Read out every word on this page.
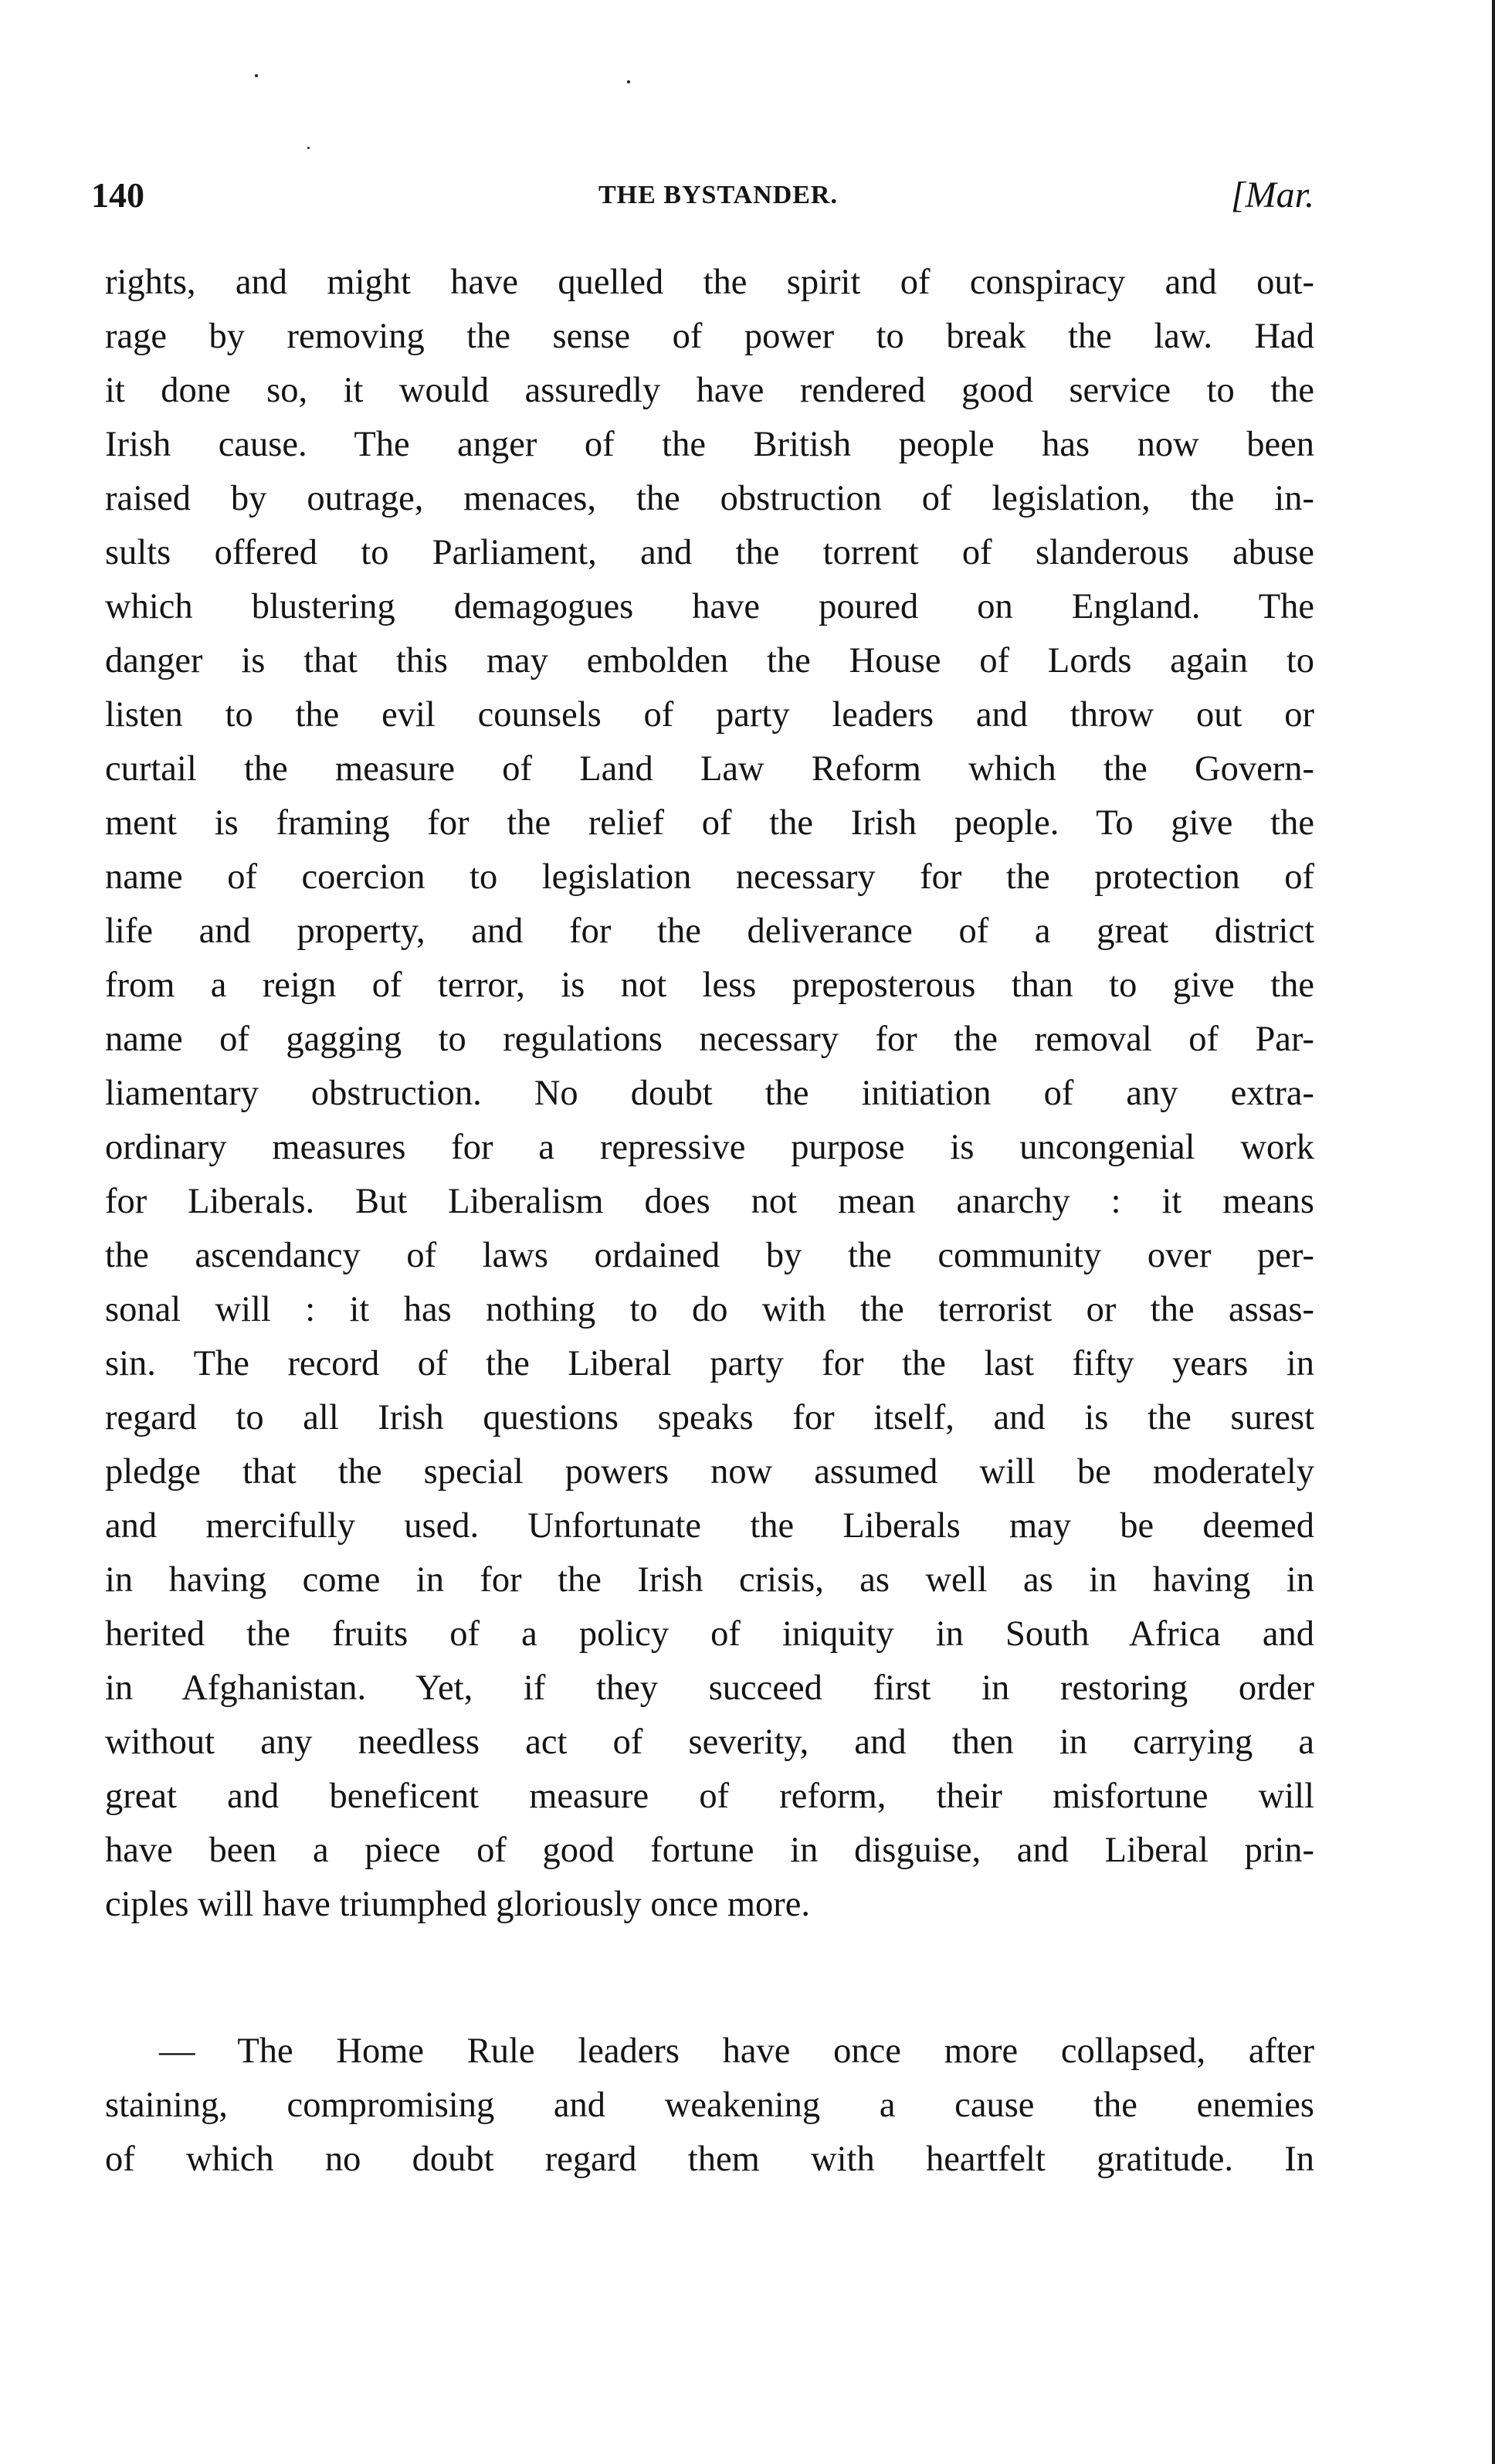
140	THE BYSTANDER.	[Mar.
rights, and might have quelled the spirit of conspiracy and out-
rage by removing the sense of power to break the law. Had
it done so, it would assuredly have rendered good service to the
Irish cause. The anger of the British people has now been
raised by outrage, menaces, the obstruction of legislation, the in-
sults offered to Parliament, and the torrent of slanderous abuse
which blustering demagogues have poured on England. The
danger is that this may embolden the House of Lords again to
listen to the evil counsels of party leaders and throw out or
curtail the measure of Land Law Reform which the Govern-
ment is framing for the relief of the Irish people. To give the
name of coercion to legislation necessary for the protection of
life and property, and for the deliverance of a great district
from a reign of terror, is not less preposterous than to give the
name of gagging to regulations necessary for the removal of Par-
liamentary obstruction. No doubt the initiation of any extra-
ordinary measures for a repressive purpose is uncongenial work
for Liberals. But Liberalism does not mean anarchy : it means
the ascendancy of laws ordained by the community over per-
sonal will : it has nothing to do with the terrorist or the assas-
sin. The record of the Liberal party for the last fifty years in
regard to all Irish questions speaks for itself, and is the surest
pledge that the special powers now assumed will be moderately
and mercifully used. Unfortunate the Liberals may be deemed
in having come in for the Irish crisis, as well as in having in
herited the fruits of a policy of iniquity in South Africa and
in Afghanistan. Yet, if they succeed first in restoring order
without any needless act of severity, and then in carrying a
great and beneficent measure of reform, their misfortune will
have been a piece of good fortune in disguise, and Liberal prin-
ciples will have triumphed gloriously once more.
— The Home Rule leaders have once more collapsed, after
staining, compromising and weakening a cause the enemies
of which no doubt regard them with heartfelt gratitude. In
